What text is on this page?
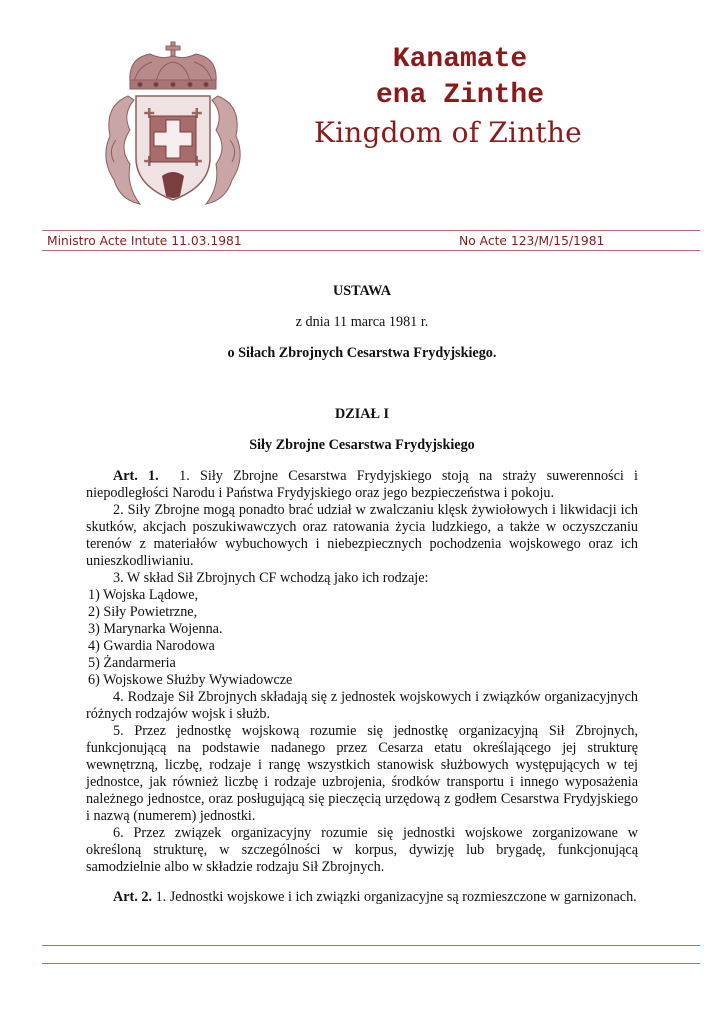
Kanamate
ena Zinthe
Kingdom of Zinthe
Ministro Acte Intute 11.03.1981	No Acte 123/M/15/1981
USTAWA
z dnia 11 marca 1981 r.
o Siłach Zbrojnych Cesarstwa Frydyjskiego.
DZIAŁ I
Siły Zbrojne Cesarstwa Frydyjskiego

Art. 1. 1. Siły Zbrojne Cesarstwa Frydyjskiego stoją na straży suwerenności i niepodległości Narodu i Państwa Frydyjskiego oraz jego bezpieczeństwa i pokoju.

2. Siły Zbrojne mogą ponadto brać udział w zwalczaniu klęsk żywiołowych i likwidacji ich skutków, akcjach poszukiwawczych oraz ratowania życia ludzkiego, a także w oczyszczaniu terenów z materiałów wybuchowych i niebezpiecznych pochodzenia wojskowego oraz ich unieszkodliwianiu.

3. W skład Sił Zbrojnych CF wchodzą jako ich rodzaje:

1) Wojska Lądowe,

2) Siły Powietrzne,

3) Marynarka Wojenna.

4) Gwardia Narodowa

5) Żandarmeria

6) Wojskowe Służby Wywiadowcze

4. Rodzaje Sił Zbrojnych składają się z jednostek wojskowych i związków organizacyjnych różnych rodzajów wojsk i służb.

5. Przez jednostkę wojskową rozumie się jednostkę organizacyjną Sił Zbrojnych, funkcjonującą na podstawie nadanego przez Cesarza etatu określającego jej strukturę wewnętrzną, liczbę, rodzaje i rangę wszystkich stanowisk służbowych występujących w tej jednostce, jak również liczbę i rodzaje uzbrojenia, środków transportu i innego wyposażenia należnego jednostce, oraz posługującą się pieczęcią urzędową z godłem Cesarstwa Frydyjskiego i nazwą (numerem) jednostki.

6. Przez związek organizacyjny rozumie się jednostki wojskowe zorganizowane w określoną strukturę, w szczególności w korpus, dywizję lub brygadę, funkcjonującą samodzielnie albo w składzie rodzaju Sił Zbrojnych.

Art. 2. 1. Jednostki wojskowe i ich związki organizacyjne są rozmieszczone w garnizonach.
